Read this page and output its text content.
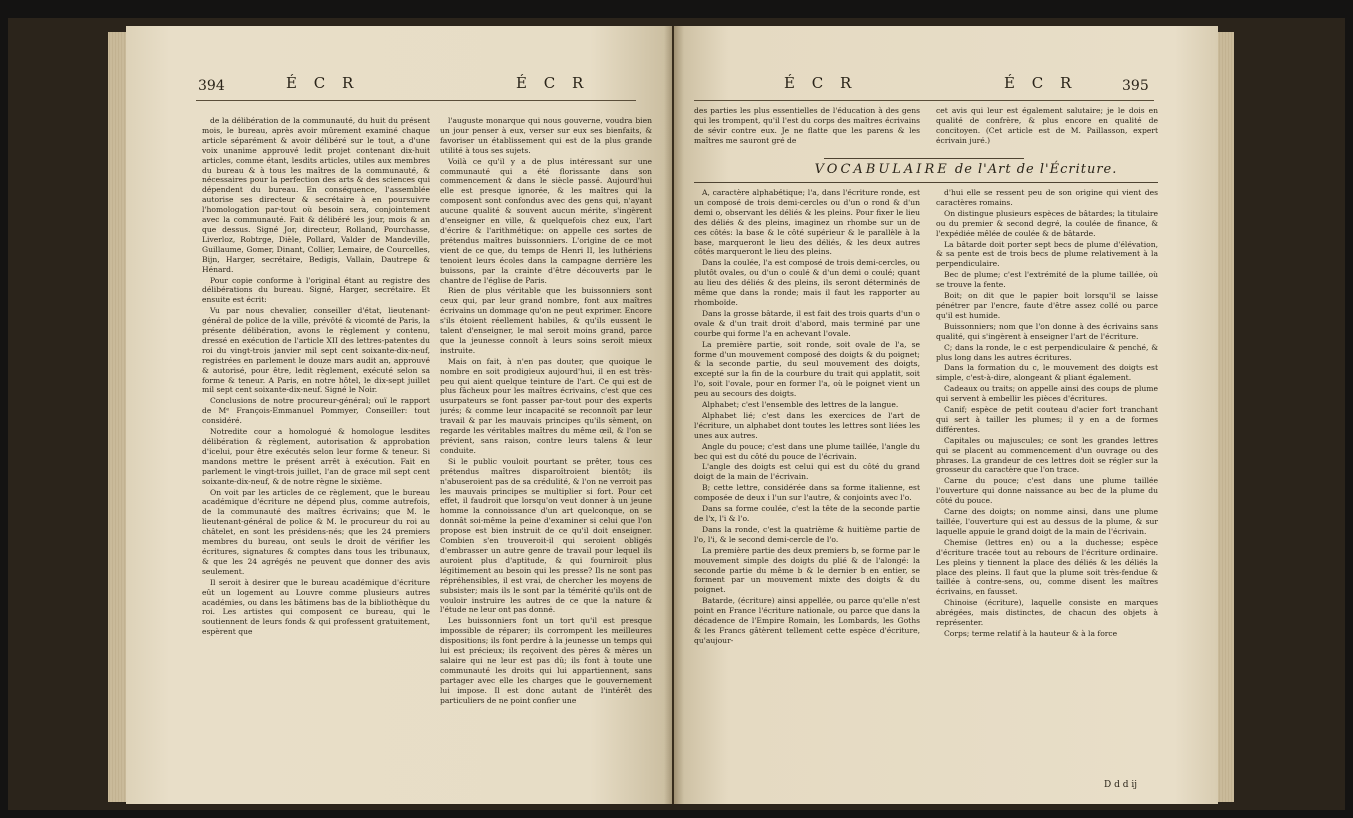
394	É C R	É C R

de la délibération de la communauté, du huit du présent mois, le bureau, après avoir mûrement examiné chaque article séparément & avoir délibéré sur le tout, a d'une voix unanime approuvé ledit projet contenant dix-huit articles, comme étant, lesdits articles, utiles aux membres du bureau & à tous les maîtres de la communauté, & nécessaires pour la perfection des arts & des sciences qui dépendent du bureau. En conséquence, l'assemblée autorise ses directeur & secrétaire à en poursuivre l'homologation par-tout où besoin sera, conjointement avec la communauté. Fait & délibéré les jour, mois & an que dessus. Signé Jor, directeur, Rolland, Pourchasse, Liverloz, Robtrge, Dièle, Pollard, Valder de Mandeville, Guillaume, Gomer, Dinant, Collier, Lemaire, de Courcelles, Bijn, Harger, secrétaire, Bedigis, Vallain, Dautrepe & Hénard.

Pour copie conforme à l'original étant au registre des délibérations du bureau. Signé, Harger, secrétaire. Et ensuite est écrit:

Vu par nous chevalier, conseiller d'état, lieutenant-général de police de la ville, prévôté & vicomté de Paris, la présente délibération, avons le règlement y contenu, dressé en exécution de l'article XII des lettres-patentes du roi du vingt-trois janvier mil sept cent soixante-dix-neuf, registrées en parlement le douze mars audit an, approuvé & autorisé, pour être, ledit règlement, exécuté selon sa forme & teneur. A Paris, en notre hôtel, le dix-sept juillet mil sept cent soixante-dix-neuf. Signé le Noir.

Conclusions de notre procureur-général; ouï le rapport de Mᵉ François-Emmanuel Pommyer, Conseiller: tout considéré.

Notredite cour a homologué & homologue lesdites délibération & règlement, autorisation & approbation d'iceluі, pour être exécutés selon leur forme & teneur. Si mandons mettre le présent arrêt à exécution. Fait en parlement le vingt-trois juillet, l'an de grace mil sept cent soixante-dix-neuf, & de notre règne le sixième.

On voit par les articles de ce règlement, que le bureau académique d'écriture ne dépend plus, comme autrefois, de la communauté des maîtres écrivains; que M. le lieutenant-général de police & M. le procureur du roi au châtelet, en sont les présidens-nés; que les 24 premiers membres du bureau, ont seuls le droit de vérifier les écritures, signatures & comptes dans tous les tribunaux, & que les 24 agrégés ne peuvent que donner des avis seulement.

Il seroit à desirer que le bureau académique d'écriture eût un logement au Louvre comme plusieurs autres académies, ou dans les bâtimens bas de la bibliothèque du roi. Les artistes qui composent ce bureau, qui le soutiennent de leurs fonds & qui professent gratuitement, espèrent que

l'auguste monarque qui nous gouverne, voudra bien un jour penser à eux, verser sur eux ses bienfaits, & favoriser un établissement qui est de la plus grande utilité à tous ses sujets.

Voilà ce qu'il y a de plus intéressant sur une communauté qui a été florissante dans son commencement & dans le siècle passé. Aujourd'hui elle est presque ignorée, & les maîtres qui la composent sont confondus avec des gens qui, n'ayant aucune qualité & souvent aucun mérite, s'ingèrent d'enseigner en ville, & quelquefois chez eux, l'art d'écrire & l'arithmétique: on appelle ces sortes de prétendus maîtres buissonniers. L'origine de ce mot vient de ce que, du temps de Henri II, les luthériens tenoient leurs écoles dans la campagne derrière les buissons, par la crainte d'être découverts par le chantre de l'église de Paris.

Rien de plus véritable que les buissonniers sont ceux qui, par leur grand nombre, font aux maîtres écrivains un dommage qu'on ne peut exprimer. Encore s'ils étoient réellement habiles, & qu'ils eussent le talent d'enseigner, le mal seroit moins grand, parce que la jeunesse connoît à leurs soins seroit mieux instruite.

Mais on fait, à n'en pas douter, que quoique le nombre en soit prodigieux aujourd'hui, il en est très-peu qui aient quelque teinture de l'art. Ce qui est de plus fâcheux pour les maîtres écrivains, c'est que ces usurpateurs se font passer par-tout pour des experts jurés; & comme leur incapacité se reconnoît par leur travail & par les mauvais principes qu'ils sèment, on regarde les véritables maîtres du même œil, & l'on se prévient, sans raison, contre leurs talens & leur conduite.

Si le public vouloit pourtant se prêter, tous ces prétendus maîtres disparoîtroient bientôt; ils n'abuseroient pas de sa crédulité, & l'on ne verroit pas les mauvais principes se multiplier si fort. Pour cet effet, il faudroit que lorsqu'on veut donner à un jeune homme la connoissance d'un art quelconque, on se donnât soi-même la peine d'examiner si celui que l'on propose est bien instruit de ce qu'il doit enseigner. Combien s'en trouveroit-il qui seroient obligés d'embrasser un autre genre de travail pour lequel ils auroient plus d'aptitude, & qui fourniroit plus légitimement au besoin qui les presse? Ils ne sont pas répréhensibles, il est vrai, de chercher les moyens de subsister; mais ils le sont par la témérité qu'ils ont de vouloir instruire les autres de ce que la nature & l'étude ne leur ont pas donné.

Les buissonniers font un tort qu'il est presque impossible de réparer; ils corrompent les meilleures dispositions; ils font perdre à la jeunesse un temps qui lui est précieux; ils reçoivent des pères & mères un salaire qui ne leur est pas dû; ils font à toute une communauté les droits qui lui appartiennent, sans partager avec elle les charges que le gouvernement lui impose. Il est donc autant de l'intérêt des particuliers de ne point confier une

É C R	É C R	395

des parties les plus essentielles de l'éducation à des gens qui les trompent, qu'il l'est du corps des maîtres écrivains de sévir contre eux. Je ne flatte que les parens & les maîtres me sauront gré de

cet avis qui leur est également salutaire; je le dois en qualité de confrère, & plus encore en qualité de concitoyen. (Cet article est de M. Paillasson, expert écrivain juré.)

VOCABULAIRE de l'Art de l'Écriture.

A, caractère alphabétique; l'a, dans l'écriture ronde, est un composé de trois demi-cercles ou d'un o rond & d'un demi o, observant les déliés & les pleins. Pour fixer le lieu des déliés & des pleins, imaginez un rhombe sur un de ces côtés: la base & le côté supérieur & le parallèle à la base, marqueront le lieu des déliés, & les deux autres côtés marqueront le lieu des pleins.

Dans la coulée, l'a est composé de trois demi-cercles, ou plutôt ovales, ou d'un o coulé & d'un demi o coulé; quant au lieu des déliés & des pleins, ils seront déterminés de même que dans la ronde; mais il faut les rapporter au rhomboïde.

Dans la grosse bâtarde, il est fait des trois quarts d'un o ovale & d'un trait droit d'abord, mais terminé par une courbe qui forme l'a en achevant l'ovale.

La première partie, soit ronde, soit ovale de l'a, se forme d'un mouvement composé des doigts & du poignet; & la seconde partie, du seul mouvement des doigts, excepté sur la fin de la courbure du trait qui applatit, soit l'o, soit l'ovale, pour en former l'a, où le poignet vient un peu au secours des doigts.

Alphabet; c'est l'ensemble des lettres de la langue.

Alphabet lié; c'est dans les exercices de l'art de l'écriture, un alphabet dont toutes les lettres sont liées les unes aux autres.

Angle du pouce; c'est dans une plume taillée, l'angle du bec qui est du côté du pouce de l'écrivain.

L'angle des doigts est celui qui est du côté du grand doigt de la main de l'écrivain.

B; cette lettre, considérée dans sa forme italienne, est composée de deux i l'un sur l'autre, & conjoints avec l'o.

Dans sa forme coulée, c'est la tête de la seconde partie de l'x, l'i & l'o.

Dans la ronde, c'est la quatrième & huitième partie de l'o, l'i, & le second demi-cercle de l'o.

La première partie des deux premiers b, se forme par le mouvement simple des doigts du plié & de l'alongé: la seconde partie du même b & le dernier b en entier, se forment par un mouvement mixte des doigts & du poignet.

Batarde, (écriture) ainsi appellée, ou parce qu'elle n'est point en France l'écriture nationale, ou parce que dans la décadence de l'Empire Romain, les Lombards, les Goths & les Francs gâtèrent tellement cette espèce d'écriture, qu'aujour-

d'hui elle se ressent peu de son origine qui vient des caractères romains.

On distingue plusieurs espèces de bâtardes; la titulaire ou du premier & second degré, la coulée de finance, & l'expédiée mêlée de coulée & de bâtarde.

La bâtarde doit porter sept becs de plume d'élévation, & sa pente est de trois becs de plume relativement à la perpendiculaire.

Bec de plume; c'est l'extrémité de la plume taillée, où se trouve la fente.

Boit; on dit que le papier boit lorsqu'il se laisse pénétrer par l'encre, faute d'être assez collé ou parce qu'il est humide.

Buissonniers; nom que l'on donne à des écrivains sans qualité, qui s'ingèrent à enseigner l'art de l'écriture.

C; dans la ronde, le c est perpendiculaire & penché, & plus long dans les autres écritures.

Dans la formation du c, le mouvement des doigts est simple, c'est-à-dire, alongeant & pliant également.

Cadeaux ou traits; on appelle ainsi des coups de plume qui servent à embellir les pièces d'écritures.

Canif; espèce de petit couteau d'acier fort tranchant qui sert à tailler les plumes; il y en a de formes différentes.

Capitales ou majuscules; ce sont les grandes lettres qui se placent au commencement d'un ouvrage ou des phrases. La grandeur de ces lettres doit se régler sur la grosseur du caractère que l'on trace.

Carne du pouce; c'est dans une plume taillée l'ouverture qui donne naissance au bec de la plume du côté du pouce.

Carne des doigts; on nomme ainsi, dans une plume taillée, l'ouverture qui est au dessus de la plume, & sur laquelle appuie le grand doigt de la main de l'écrivain.

Chemise (lettres en) ou a la duchesse; espèce d'écriture tracée tout au rebours de l'écriture ordinaire. Les pleins y tiennent la place des déliés & les déliés la place des pleins. Il faut que la plume soit très-fendue & taillée à contre-sens, ou, comme disent les maîtres écrivains, en fausset.

Chinoise (écriture), laquelle consiste en marques abrégées, mais distinctes, de chacun des objets à représenter.

Corps; terme relatif à la hauteur & à la force

D d d ij
